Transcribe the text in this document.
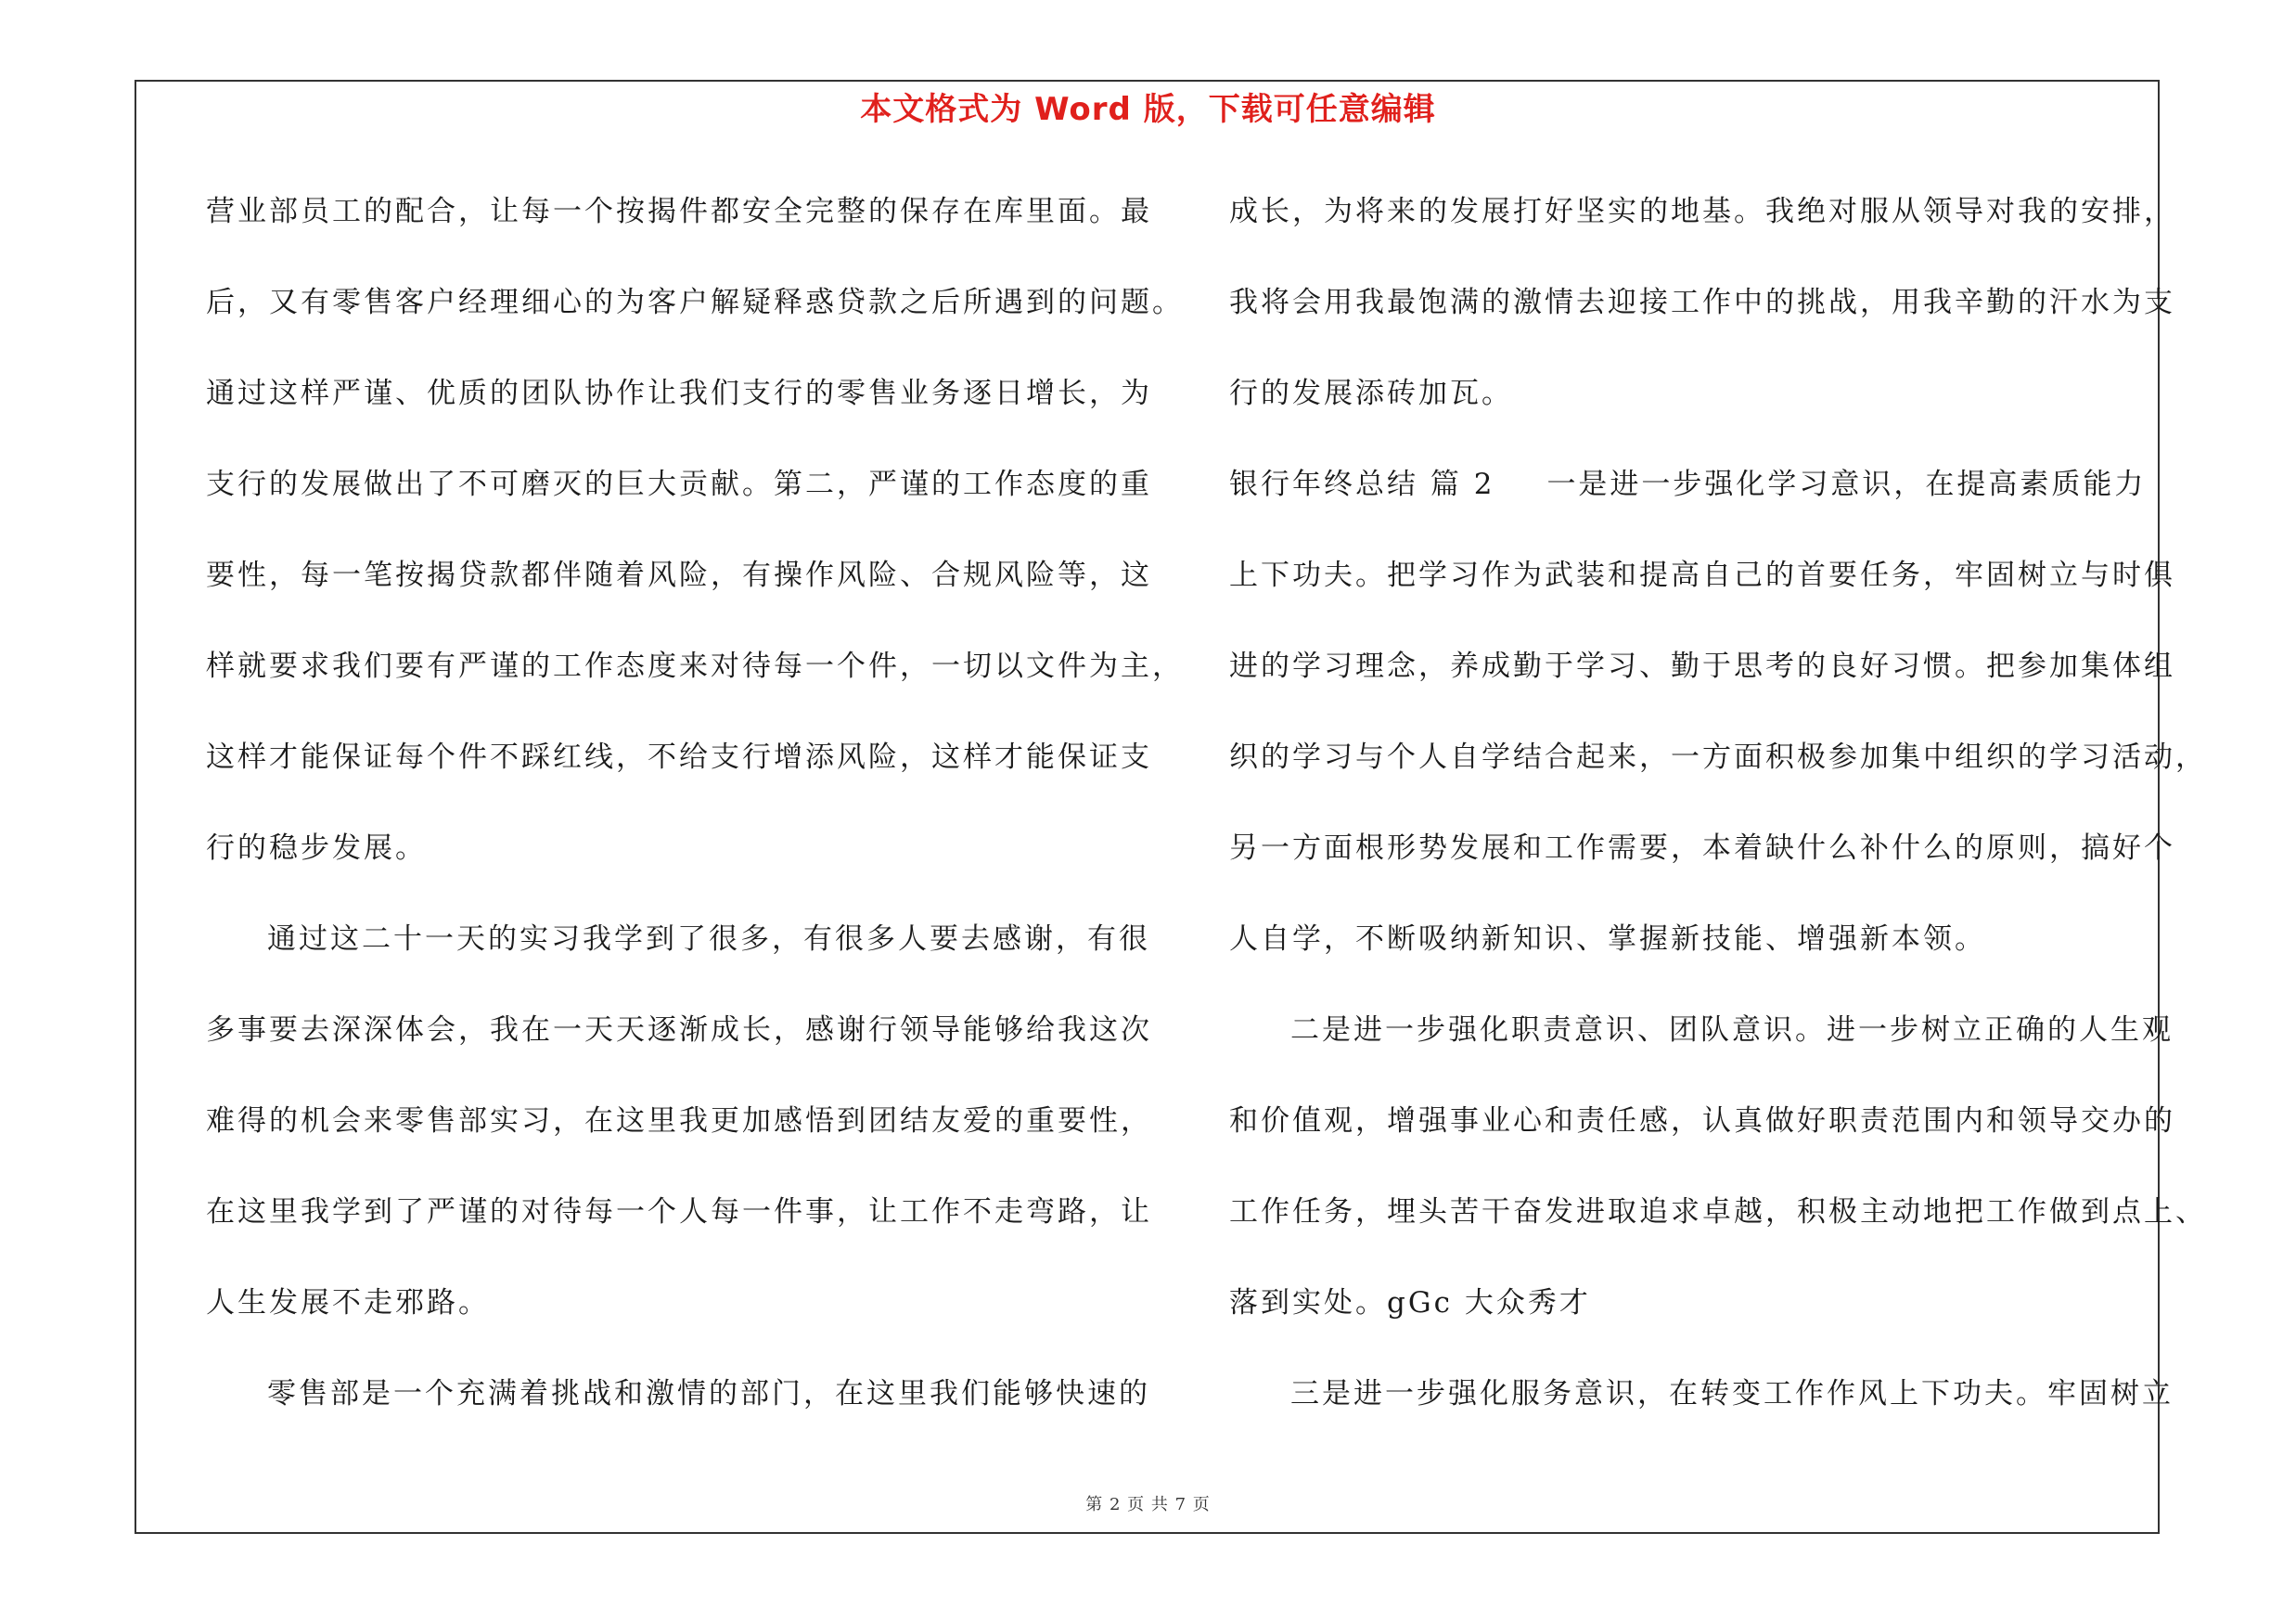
本文格式为 Word 版，下载可任意编辑
营业部员工的配合，让每一个按揭件都安全完整的保存在库里面。最
后，又有零售客户经理细心的为客户解疑释惑贷款之后所遇到的问题。
通过这样严谨、优质的团队协作让我们支行的零售业务逐日增长，为
支行的发展做出了不可磨灭的巨大贡献。第二，严谨的工作态度的重
要性，每一笔按揭贷款都伴随着风险，有操作风险、合规风险等，这
样就要求我们要有严谨的工作态度来对待每一个件，一切以文件为主，
这样才能保证每个件不踩红线，不给支行增添风险，这样才能保证支
行的稳步发展。
通过这二十一天的实习我学到了很多，有很多人要去感谢，有很
多事要去深深体会，我在一天天逐渐成长，感谢行领导能够给我这次
难得的机会来零售部实习，在这里我更加感悟到团结友爱的重要性，
在这里我学到了严谨的对待每一个人每一件事，让工作不走弯路，让
人生发展不走邪路。
零售部是一个充满着挑战和激情的部门，在这里我们能够快速的
成长，为将来的发展打好坚实的地基。我绝对服从领导对我的安排，
我将会用我最饱满的激情去迎接工作中的挑战，用我辛勤的汗水为支
行的发展添砖加瓦。
银行年终总结 篇 2 一是进一步强化学习意识，在提高素质能力
上下功夫。把学习作为武装和提高自己的首要任务，牢固树立与时俱
进的学习理念，养成勤于学习、勤于思考的良好习惯。把参加集体组
织的学习与个人自学结合起来，一方面积极参加集中组织的学习活动，
另一方面根形势发展和工作需要，本着缺什么补什么的原则，搞好个
人自学，不断吸纳新知识、掌握新技能、增强新本领。
二是进一步强化职责意识、团队意识。进一步树立正确的人生观
和价值观，增强事业心和责任感，认真做好职责范围内和领导交办的
工作任务，埋头苦干奋发进取追求卓越，积极主动地把工作做到点上、
落到实处。gGc 大众秀才
三是进一步强化服务意识，在转变工作作风上下功夫。牢固树立
第 2 页 共 7 页
